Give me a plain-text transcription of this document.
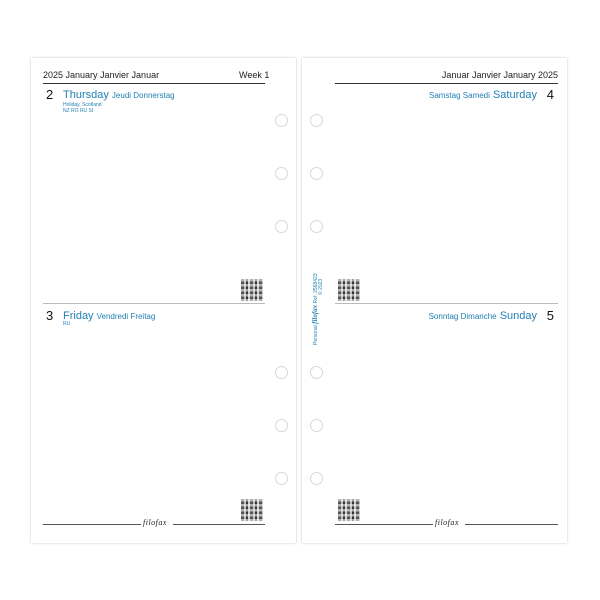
2025 January Janvier Januar	Week 1
2 Thursday Jeudi Donnerstag
Holiday, Scotland
NZ RO RU SI
3 Friday Vendredi Freitag
RU
filofax
Januar Janvier January 2025
Samstag Samedi Saturday 4
Sonntag Dimanche Sunday 5
filofax
Personal filofax Ref. 2568423 © 2023
